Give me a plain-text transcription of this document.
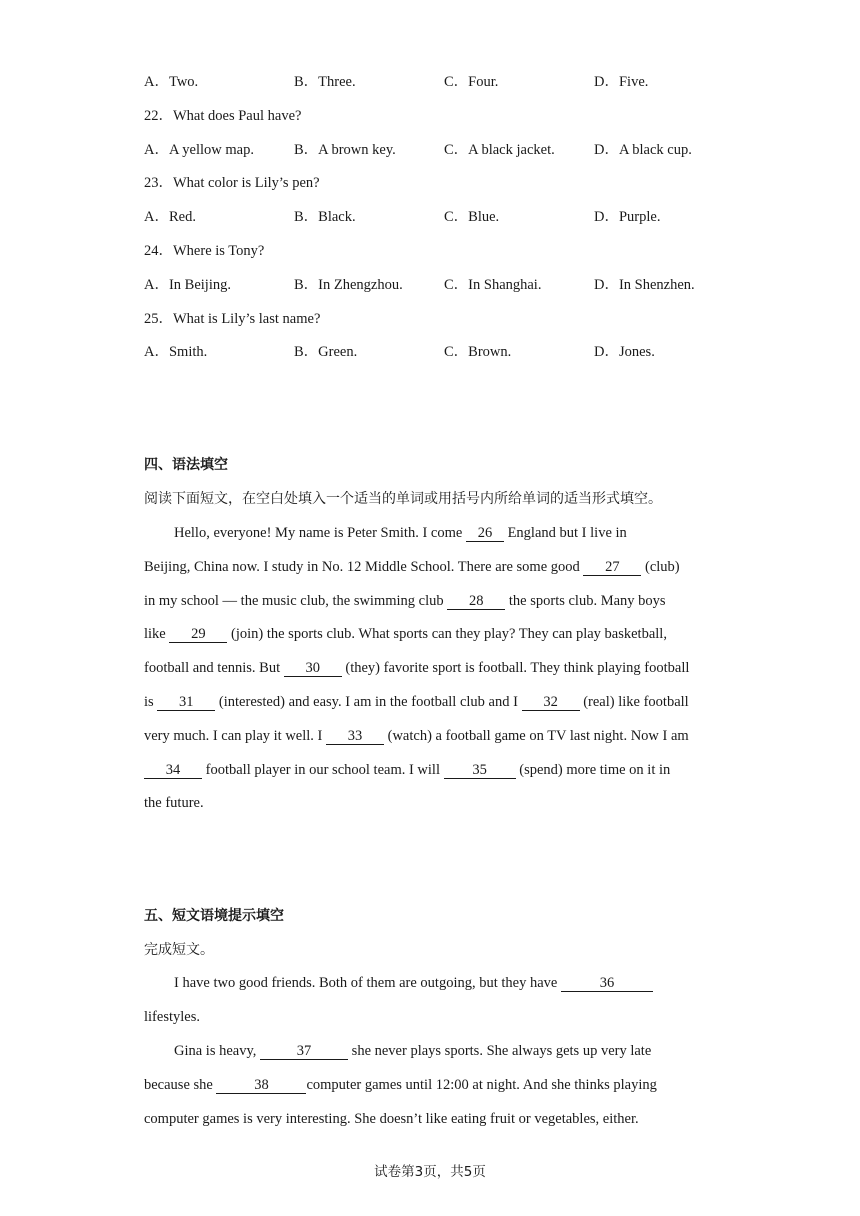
A．Two.	B．Three.	C．Four.	D．Five.
22．What does Paul have?
A．A yellow map.	B．A brown key.	C．A black jacket.	D．A black cup.
23．What color is Lily’s pen?
A．Red.	B．Black.	C．Blue.	D．Purple.
24．Where is Tony?
A．In Beijing.	B．In Zhengzhou.	C．In Shanghai.	D．In Shenzhen.
25．What is Lily’s last name?
A．Smith.	B．Green.	C．Brown.	D．Jones.
四、语法填空
阅读下面短文，在空白处填入一个适当的单词或用括号内所给单词的适当形式填空。
Hello, everyone! My name is Peter Smith. I come 26 England but I live in
Beijing, China now. I study in No. 12 Middle School. There are some good 27 (club)
in my school — the music club, the swimming club 28 the sports club. Many boys
like 29 (join) the sports club. What sports can they play? They can play basketball,
football and tennis. But 30 (they) favorite sport is football. They think playing football
is 31 (interested) and easy. I am in the football club and I 32 (real) like football
very much. I can play it well. I 33 (watch) a football game on TV last night. Now I am
34 football player in our school team. I will 35 (spend) more time on it in
the future.
五、短文语境提示填空
完成短文。
I have two good friends. Both of them are outgoing, but they have	36
lifestyles.
Gina is heavy,	37	she never plays sports. She always gets up very late
because she	38	computer games until 12:00 at night. And she thinks playing
computer games is very interesting. She doesn’t like eating fruit or vegetables, either.
试卷第3页，共5页
